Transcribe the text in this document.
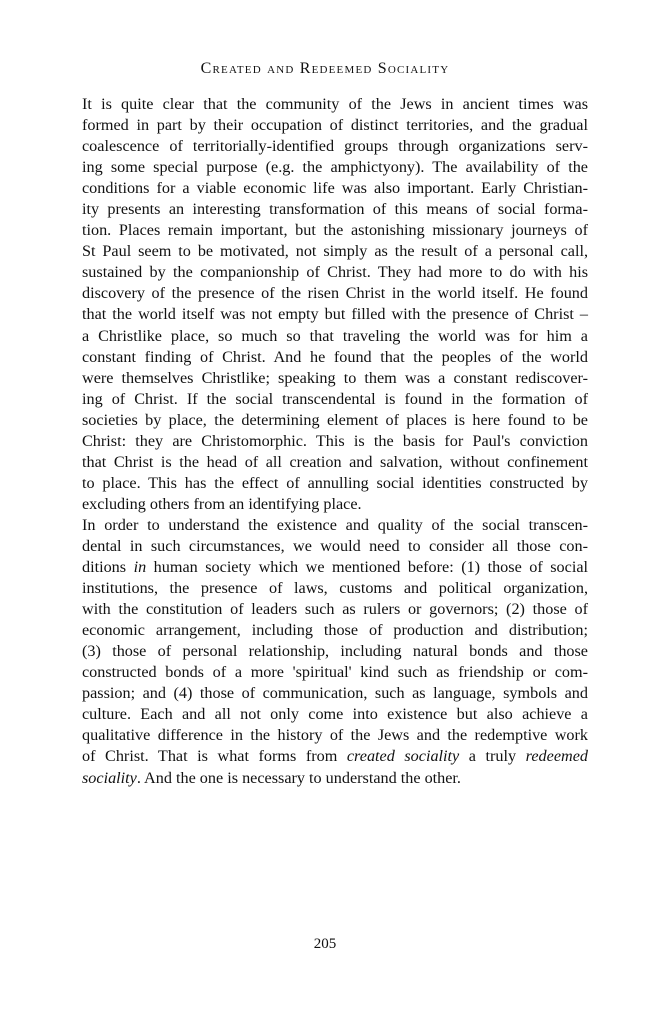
Created and Redeemed Sociality

It is quite clear that the community of the Jews in ancient times was
formed in part by their occupation of distinct territories, and the gradual
coalescence of territorially-identified groups through organizations serv-
ing some special purpose (e.g. the amphictyony). The availability of the
conditions for a viable economic life was also important. Early Christian-
ity presents an interesting transformation of this means of social forma-
tion. Places remain important, but the astonishing missionary journeys of
St Paul seem to be motivated, not simply as the result of a personal call,
sustained by the companionship of Christ. They had more to do with his
discovery of the presence of the risen Christ in the world itself. He found
that the world itself was not empty but filled with the presence of Christ –
a Christlike place, so much so that traveling the world was for him a
constant finding of Christ. And he found that the peoples of the world
were themselves Christlike; speaking to them was a constant rediscover-
ing of Christ. If the social transcendental is found in the formation of
societies by place, the determining element of places is here found to be
Christ: they are Christomorphic. This is the basis for Paul's conviction
that Christ is the head of all creation and salvation, without confinement
to place. This has the effect of annulling social identities constructed by
excluding others from an identifying place.

In order to understand the existence and quality of the social transcen-
dental in such circumstances, we would need to consider all those con-
ditions in human society which we mentioned before: (1) those of social
institutions, the presence of laws, customs and political organization,
with the constitution of leaders such as rulers or governors; (2) those of
economic arrangement, including those of production and distribution;
(3) those of personal relationship, including natural bonds and those
constructed bonds of a more 'spiritual' kind such as friendship or com-
passion; and (4) those of communication, such as language, symbols and
culture. Each and all not only come into existence but also achieve a
qualitative difference in the history of the Jews and the redemptive work
of Christ. That is what forms from created sociality a truly redeemed
sociality. And the one is necessary to understand the other.

205
